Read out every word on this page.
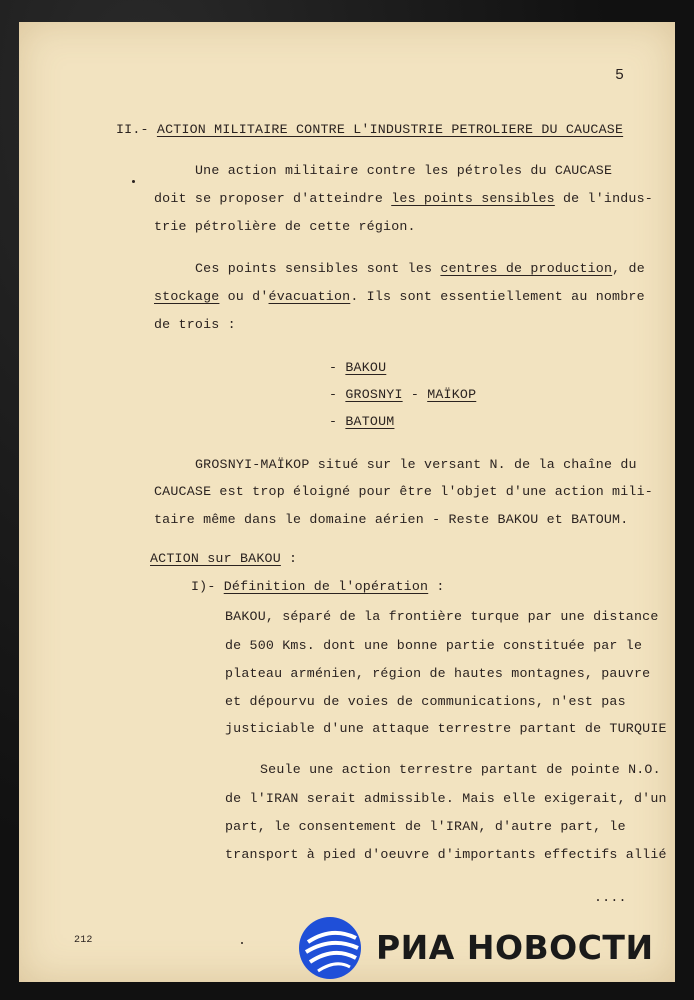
5
II.- ACTION MILITAIRE CONTRE L'INDUSTRIE PETROLIERE DU CAUCASE
Une action militaire contre les pétroles du CAUCASE
doit se proposer d'atteindre les points sensibles de l'indus-
trie pétrolière de cette région.
Ces points sensibles sont les centres de production, de
stockage ou d'évacuation. Ils sont essentiellement au nombre
de trois :
- BAKOU
- GROSNYI - MAÏKOP
- BATOUM
GROSNYI-MAÏKOP situé sur le versant N. de la chaîne du
CAUCASE est trop éloigné pour être l'objet d'une action mili-
taire même dans le domaine aérien - Reste BAKOU et BATOUM.
ACTION sur BAKOU :
I)- Définition de l'opération :
BAKOU, séparé de la frontière turque par une distance
de 500 Kms. dont une bonne partie constituée par le
plateau arménien, région de hautes montagnes, pauvre
et dépourvu de voies de communications, n'est pas
justiciable d'une attaque terrestre partant de TURQUIE
Seule une action terrestre partant de pointe N.O.
de l'IRAN serait admissible. Mais elle exigerait, d'un
part, le consentement de l'IRAN, d'autre part, le
transport à pied d'oeuvre d'importants effectifs allié
....
212	РИА НОВОСТИ
